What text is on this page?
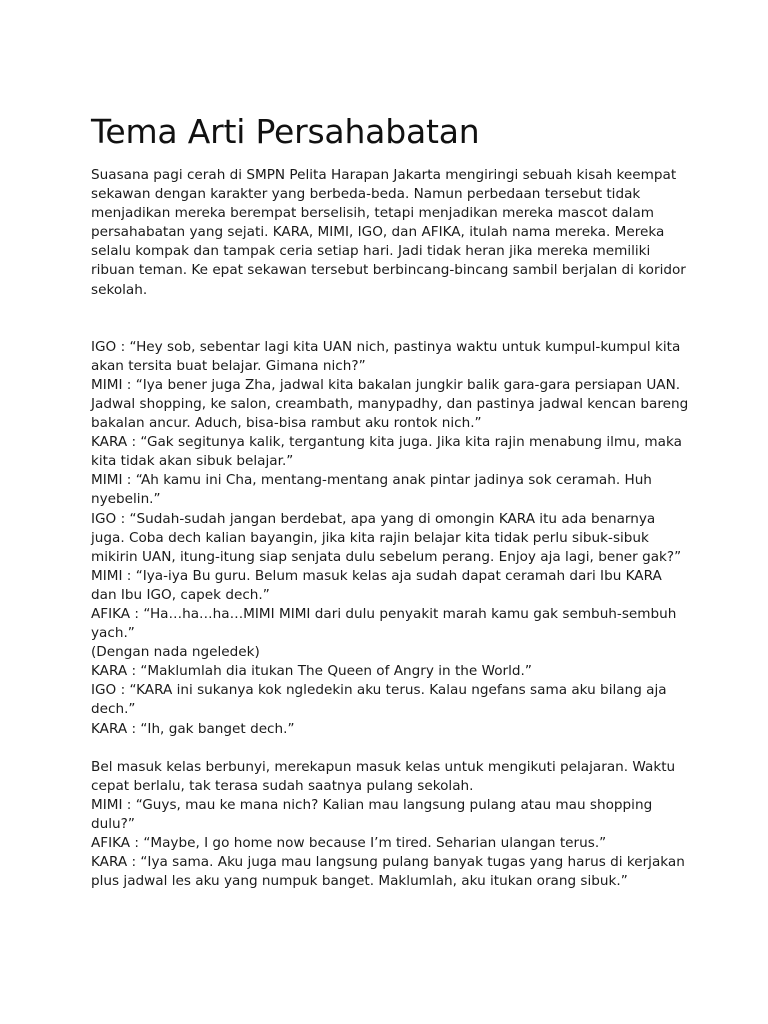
Tema Arti Persahabatan

Suasana pagi cerah di SMPN Pelita Harapan Jakarta mengiringi sebuah kisah keempat sekawan dengan karakter yang berbeda-beda. Namun perbedaan tersebut tidak menjadikan mereka berempat berselisih, tetapi menjadikan mereka mascot dalam persahabatan yang sejati. KARA, MIMI, IGO, dan AFIKA, itulah nama mereka. Mereka selalu kompak dan tampak ceria setiap hari. Jadi tidak heran jika mereka memiliki ribuan teman. Ke epat sekawan tersebut berbincang-bincang sambil berjalan di koridor sekolah.

IGO : “Hey sob, sebentar lagi kita UAN nich, pastinya waktu untuk kumpul-kumpul kita akan tersita buat belajar. Gimana nich?”
MIMI : “Iya bener juga Zha, jadwal kita bakalan jungkir balik gara-gara persiapan UAN. Jadwal shopping, ke salon, creambath, manypadhy, dan pastinya jadwal kencan bareng bakalan ancur. Aduch, bisa-bisa rambut aku rontok nich.”
KARA : “Gak segitunya kalik, tergantung kita juga. Jika kita rajin menabung ilmu, maka kita tidak akan sibuk belajar.”
MIMI : “Ah kamu ini Cha, mentang-mentang anak pintar jadinya sok ceramah. Huh nyebelin.”
IGO : “Sudah-sudah jangan berdebat, apa yang di omongin KARA itu ada benarnya juga. Coba dech kalian bayangin, jika kita rajin belajar kita tidak perlu sibuk-sibuk mikirin UAN, itung-itung siap senjata dulu sebelum perang. Enjoy aja lagi, bener gak?”
MIMI : “Iya-iya Bu guru. Belum masuk kelas aja sudah dapat ceramah dari Ibu KARA dan Ibu IGO, capek dech.”
AFIKA : “Ha…ha…ha…MIMI MIMI dari dulu penyakit marah kamu gak sembuh-sembuh yach.”
(Dengan nada ngeledek)
KARA : “Maklumlah dia itukan The Queen of Angry in the World.”
IGO : “KARA ini sukanya kok ngledekin aku terus. Kalau ngefans sama aku bilang aja dech.”
KARA : “Ih, gak banget dech.”

Bel masuk kelas berbunyi, merekapun masuk kelas untuk mengikuti pelajaran. Waktu cepat berlalu, tak terasa sudah saatnya pulang sekolah.

MIMI : “Guys, mau ke mana nich? Kalian mau langsung pulang atau mau shopping dulu?”
AFIKA : “Maybe, I go home now because I’m tired. Seharian ulangan terus.”
KARA : “Iya sama. Aku juga mau langsung pulang banyak tugas yang harus di kerjakan plus jadwal les aku yang numpuk banget. Maklumlah, aku itukan orang sibuk.”
